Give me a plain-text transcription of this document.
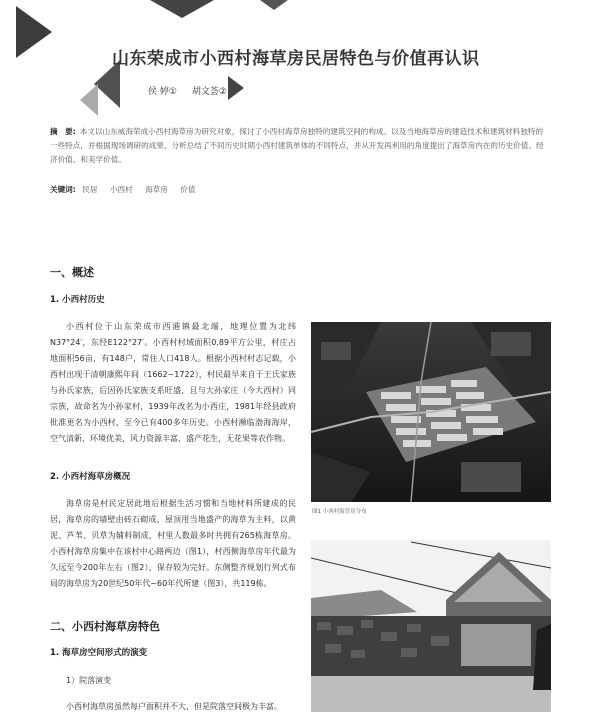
山东荣成市小西村海草房民居特色与价值再认识
侯 婷① 胡文荟②
摘　要: 本文以山东威海荣成小西村海草房为研究对象，探讨了小西村海草房独特的建筑空间的构成、以及当地海草房的建造技术和建筑材料独特的一些特点，并根据现场调研的成果，分析总结了不同历史时期小西村建筑单体的不同特点，并从开发再利用的角度提出了海草房内在的历史价值、经济价值、和美学价值。
关键词: 民居 小西村 海草房 价值
一、概述
1. 小西村历史
小西村位于山东荣成市西港镇最北端，地理位置为北纬N37°24′，东经E122°27′。小西村村域面积0.89平方公里，村庄占地面积56亩，有148户，常住人口418人。根据小西村村志记载，小西村出现于清朝康熙年间（1662~1722），村民最早来自于王氏家族与孙氏家族，后因孙氏家族支系旺盛，且与大孙家庄（今大西村）同宗族，故命名为小孙家村，1939年改名为小西庄，1981年经县政府批准更名为小西村，至今已有400多年历史。小西村濒临渤海海岸，空气清新，环境优美，风力资源丰富，盛产花生，无花果等农作物。
2. 小西村海草房概况
海草房是村民定居此地后根据生活习惯和当地材料所建成的民居，海草房的墙壁由砖石砌成，屋顶用当地盛产的海草为主料，以黄泥、芦苇、贝草为辅料制成，村里人数最多时共拥有265栋海草房。小西村海草房集中在该村中心路两边（图1），村西侧海草房年代最为久远至今200年左右（图2），保存较为完好。东侧整齐规划行列式布局的海草房为20世纪50年代~60年代所建（图3），共119栋。
二、小西村海草房特色
1. 海草房空间形式的演变
1）院落演变
小西村海草房虽然每户面积并不大，但是院落空间极为丰富。
图1 小西村海草房分布
